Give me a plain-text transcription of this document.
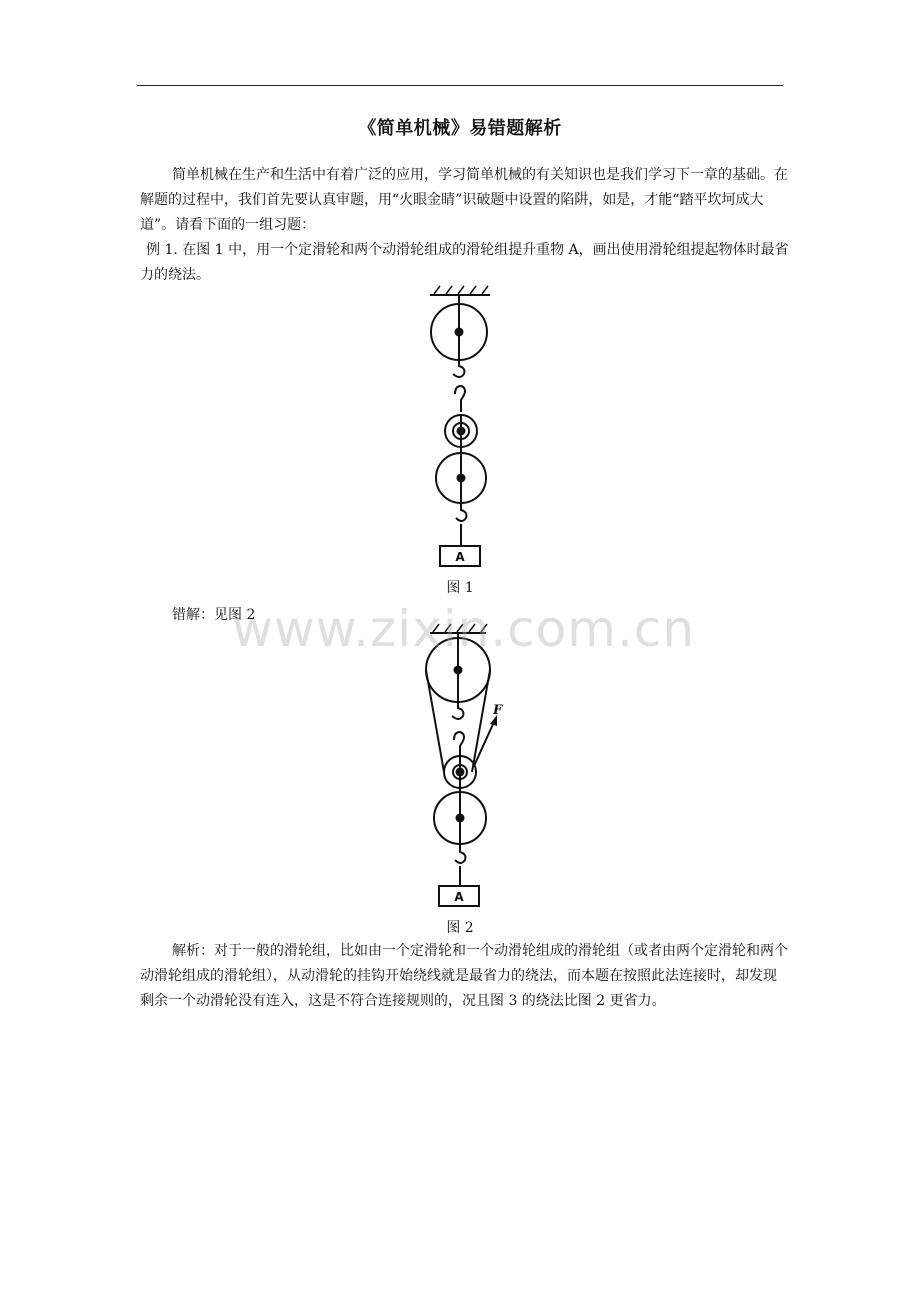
《简单机械》易错题解析

简单机械在生产和生活中有着广泛的应用，学习简单机械的有关知识也是我们学习下一章的基础。在解题的过程中，我们首先要认真审题，用“火眼金睛”识破题中设置的陷阱，如是，才能“踏平坎坷成大道”。请看下面的一组习题：

例 1. 在图 1 中，用一个定滑轮和两个动滑轮组成的滑轮组提升重物 A，画出使用滑轮组提起物体时最省力的绕法。

A
图 1

错解：见图 2

F
A
图 2

解析：对于一般的滑轮组，比如由一个定滑轮和一个动滑轮组成的滑轮组（或者由两个定滑轮和两个动滑轮组成的滑轮组），从动滑轮的挂钩开始绕线就是最省力的绕法，而本题在按照此法连接时，却发现剩余一个动滑轮没有连入，这是不符合连接规则的，况且图 3 的绕法比图 2 更省力。

www.zixin.com.cn
